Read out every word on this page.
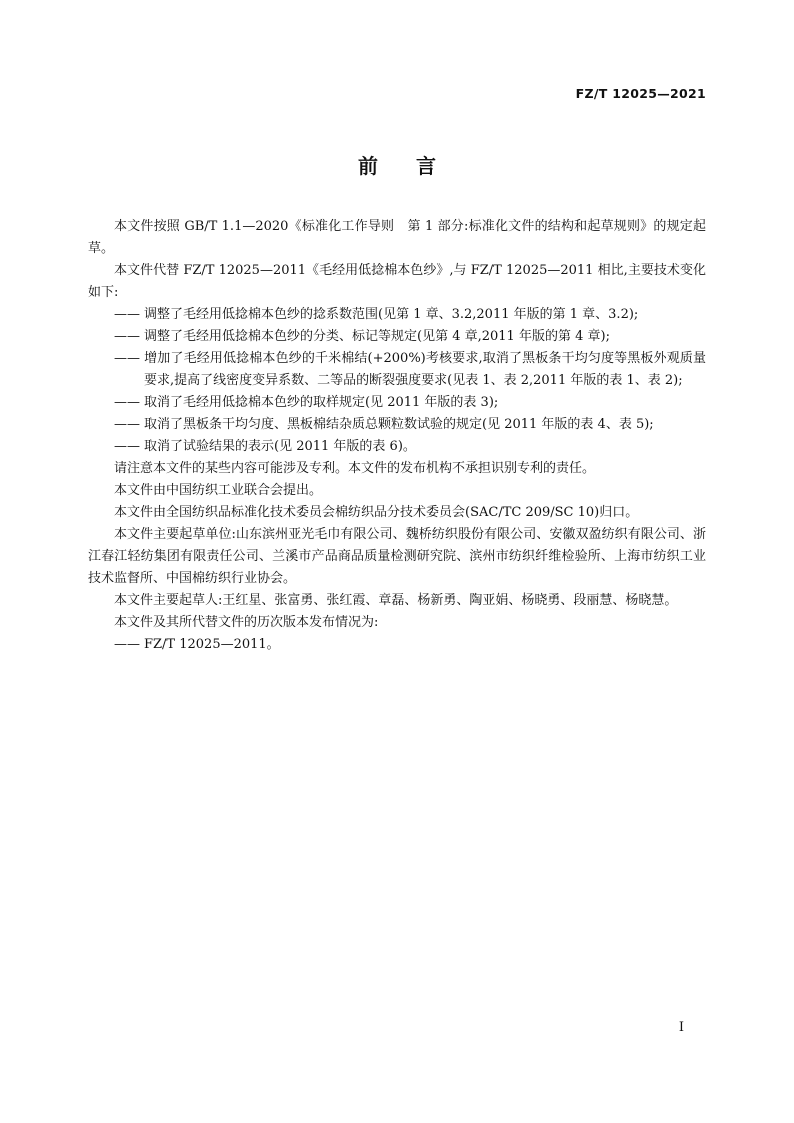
FZ/T 12025—2021
前 言

本文件按照 GB/T 1.1—2020《标准化工作导则　第 1 部分:标准化文件的结构和起草规则》的规定起草。

本文件代替 FZ/T 12025—2011《毛经用低捻棉本色纱》,与 FZ/T 12025—2011 相比,主要技术变化如下:

—— 调整了毛经用低捻棉本色纱的捻系数范围(见第 1 章、3.2,2011 年版的第 1 章、3.2);

—— 调整了毛经用低捻棉本色纱的分类、标记等规定(见第 4 章,2011 年版的第 4 章);

—— 增加了毛经用低捻棉本色纱的千米棉结(+200%)考核要求,取消了黑板条干均匀度等黑板外观质量要求,提高了线密度变异系数、二等品的断裂强度要求(见表 1、表 2,2011 年版的表 1、表 2);

—— 取消了毛经用低捻棉本色纱的取样规定(见 2011 年版的表 3);

—— 取消了黑板条干均匀度、黑板棉结杂质总颗粒数试验的规定(见 2011 年版的表 4、表 5);

—— 取消了试验结果的表示(见 2011 年版的表 6)。

请注意本文件的某些内容可能涉及专利。本文件的发布机构不承担识别专利的责任。

本文件由中国纺织工业联合会提出。

本文件由全国纺织品标准化技术委员会棉纺织品分技术委员会(SAC/TC 209/SC 10)归口。

本文件主要起草单位:山东滨州亚光毛巾有限公司、魏桥纺织股份有限公司、安徽双盈纺织有限公司、浙江春江轻纺集团有限责任公司、兰溪市产品商品质量检测研究院、滨州市纺织纤维检验所、上海市纺织工业技术监督所、中国棉纺织行业协会。

本文件主要起草人:王红星、张富勇、张红霞、章磊、杨新勇、陶亚娟、杨晓勇、段丽慧、杨晓慧。

本文件及其所代替文件的历次版本发布情况为:

—— FZ/T 12025—2011。

I
